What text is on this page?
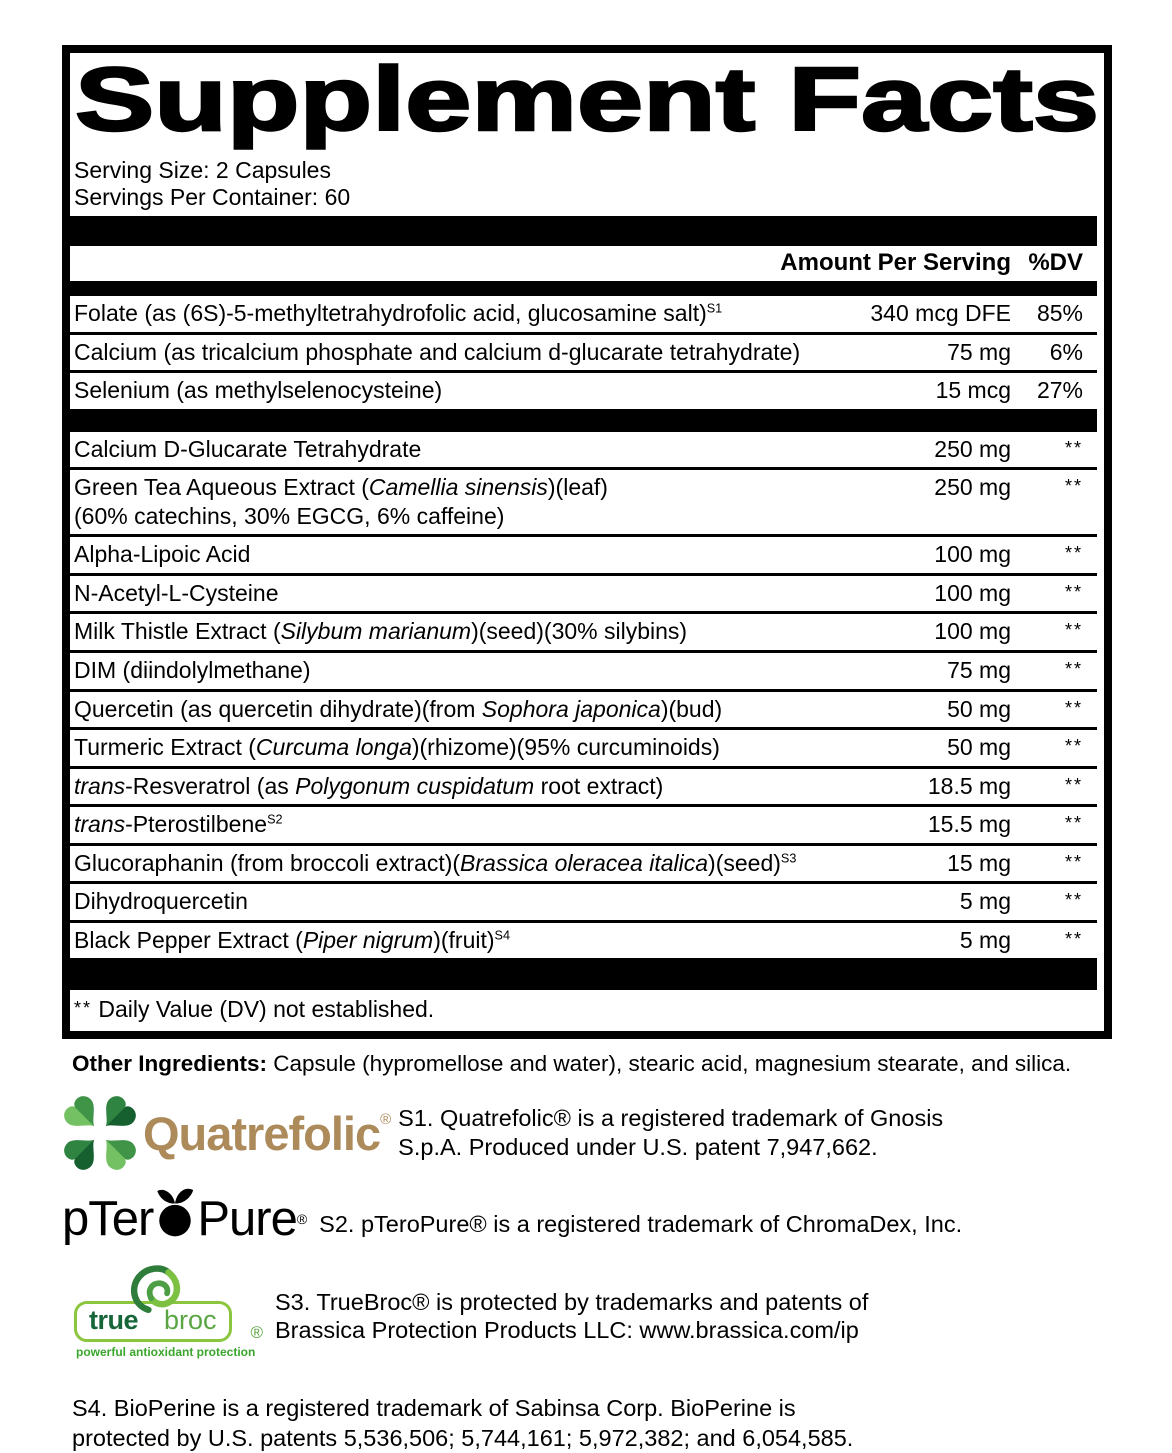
Supplement Facts
Serving Size: 2 Capsules
Servings Per Container: 60
Amount Per Serving %DV
Folate (as (6S)-5-methyltetrahydrofolic acid, glucosamine salt)$^{S1}$	340 mcg DFE	85%
Calcium (as tricalcium phosphate and calcium d-glucarate tetrahydrate)	75 mg	6%
Selenium (as methylselenocysteine)	15 mcg	27%
Calcium D-Glucarate Tetrahydrate	250 mg	**
Green Tea Aqueous Extract (Camellia sinensis)(leaf)
(60% catechins, 30% EGCG, 6% caffeine)
250 mg	**
Alpha-Lipoic Acid	100 mg	**
N-Acetyl-L-Cysteine	100 mg	**
Milk Thistle Extract (Silybum marianum)(seed)(30% silybins)	100 mg	**
DIM (diindolylmethane)	75 mg	**
Quercetin (as quercetin dihydrate)(from Sophora japonica)(bud)	50 mg	**
Turmeric Extract (Curcuma longa)(rhizome)(95% curcuminoids)	50 mg	**
trans-Resveratrol (as Polygonum cuspidatum root extract)	18.5 mg	**
trans-Pterostilbene$^{S2}$	15.5 mg	**
Glucoraphanin (from broccoli extract)(Brassica oleracea italica)(seed)$^{S3}$	15 mg	**
Dihydroquercetin	5 mg	**
Black Pepper Extract (Piper nigrum)(fruit)$^{S4}$	5 mg	**
** Daily Value (DV) not established.
Other Ingredients: Capsule (hypromellose and water), stearic acid, magnesium stearate, and silica.
Quatrefolic® S1. Quatrefolic® is a registered trademark of Gnosis
S.p.A. Produced under U.S. patent 7,947,662.
pTer Pure ® S2. pTeroPure® is a registered trademark of ChromaDex, Inc.
true broc
powerful antioxidant protection
®
S3. TrueBroc® is protected by trademarks and patents of
Brassica Protection Products LLC: www.brassica.com/ip
S4. BioPerine is a registered trademark of Sabinsa Corp. BioPerine is
protected by U.S. patents 5,536,506; 5,744,161; 5,972,382; and 6,054,585.
